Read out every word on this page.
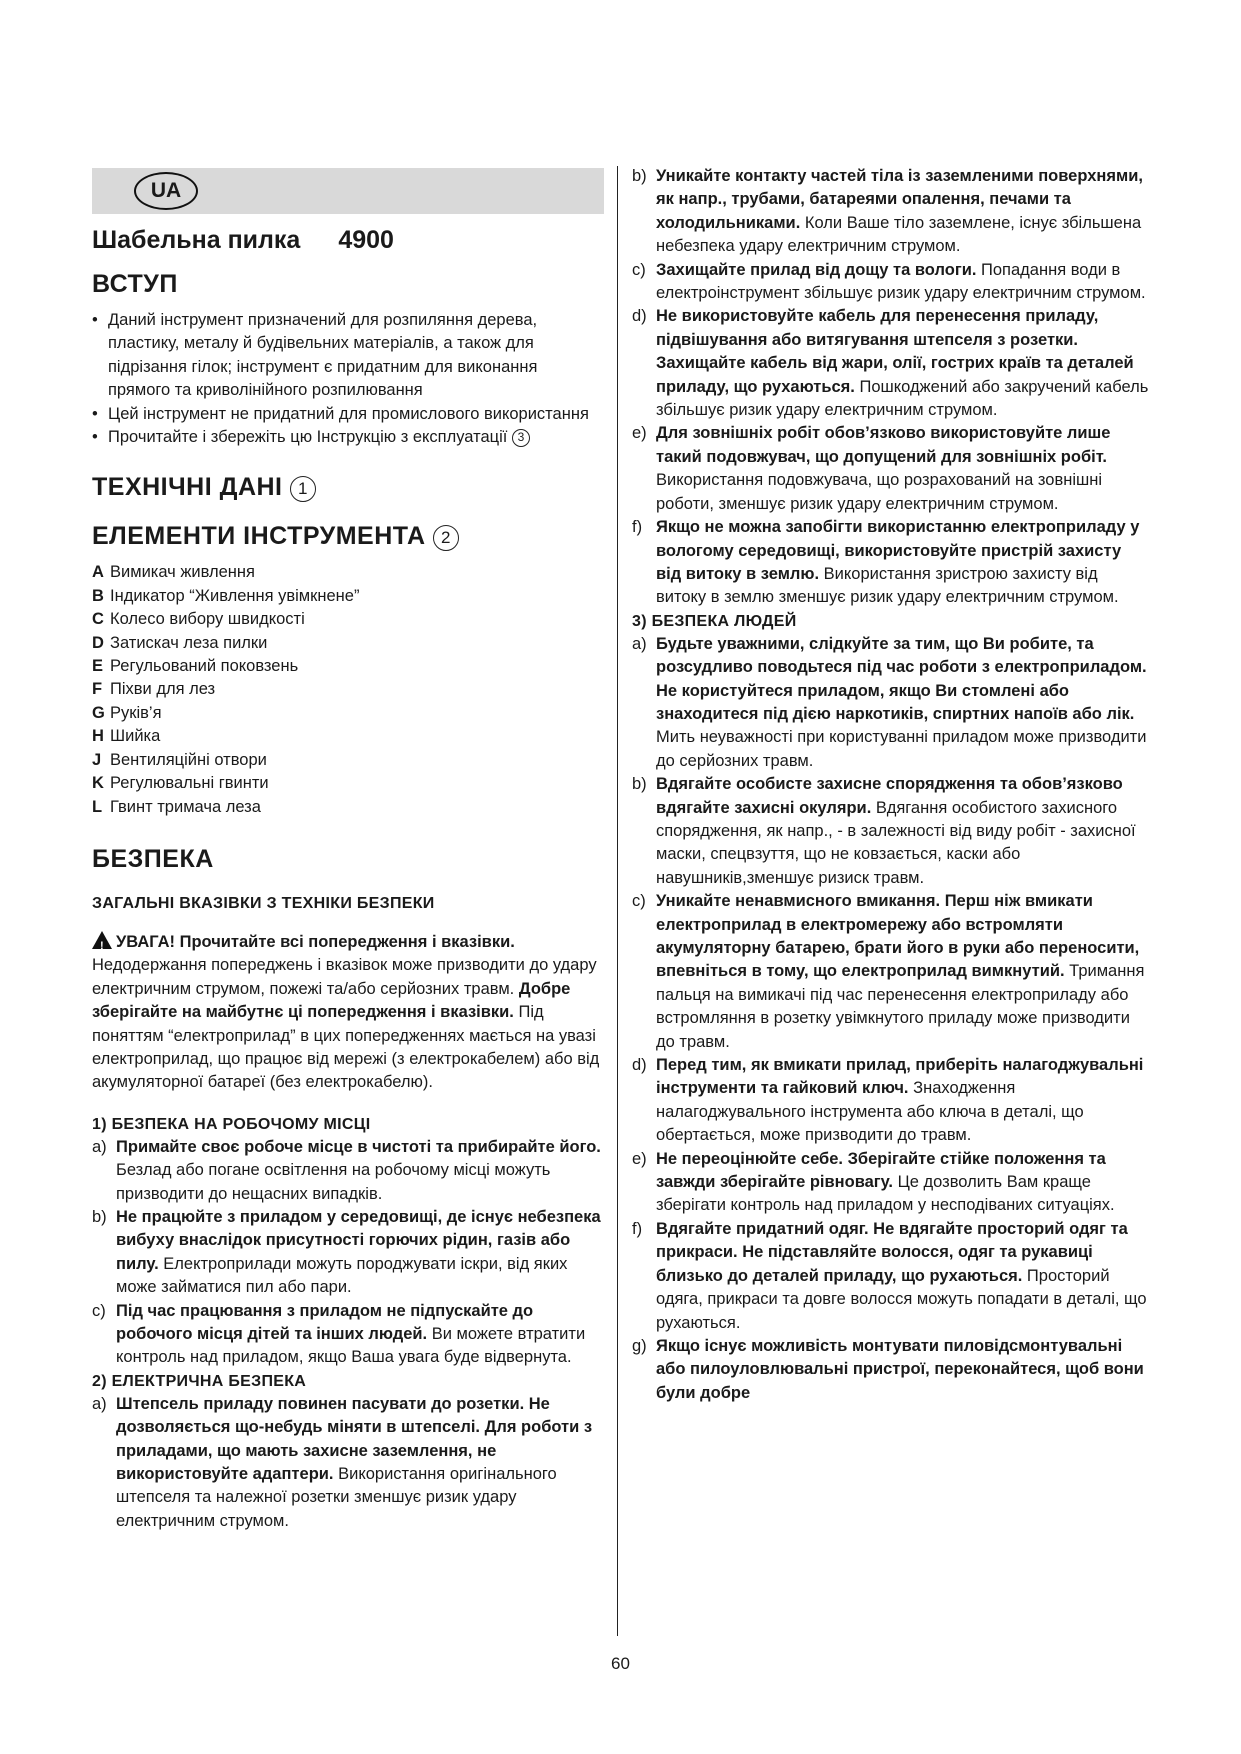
UA
Шабельна пилка 4900
ВСТУП
• Даний інструмент призначений для розпиляння дерева, пластику, металу й будівельних матеріалів, а також для підрізання гілок; інструмент є придатним для виконання прямого та криволінійного розпилювання
• Цей інструмент не придатний для промислового використання
• Прочитайте і збережіть цю Інструкцію з експлуатації 3
ТЕХНІЧНІ ДАНІ 1
ЕЛЕМЕНТИ ІНСТРУМЕНТА 2
A Вимикач живлення
B Індикатор “Живлення увімкнене”
C Колесо вибору швидкості
D Затискач леза пилки
E Регульований поковзень
F Піхви для лез
G Руків’я
H Шийка
J Вентиляційні отвори
K Регулювальні гвинти
L Гвинт тримача леза
БЕЗПЕКА
ЗАГАЛЬНІ ВКАЗІВКИ З ТЕХНІКИ БЕЗПЕКИ
! УВАГА! Прочитайте всі попередження і вказівки. Недодержання попереджень і вказівок може призводити до удару електричним струмом, пожежі та/або серйозних травм. Добре зберігайте на майбутнє ці попередження і вказівки. Під поняттям “електроприлад” в цих попередженнях мається на увазі електроприлад, що працює від мережі (з електрокабелем) або від акумуляторної батареї (без електрокабелю).
1) БЕЗПЕКА НА РОБОЧОМУ МІСЦІ
a) Примайте своє робоче місце в чистоті та прибирайте його. Безлад або погане освітлення на робочому місці можуть призводити до нещасних випадків.
b) Не працюйте з приладом у середовищі, де існує небезпека вибуху внаслідок присутності горючих рідин, газів або пилу. Електроприлади можуть породжувати іскри, від яких може займатися пил або пари.
c) Під час працювання з приладом не підпускайте до робочого місця дітей та інших людей. Ви можете втратити контроль над приладом, якщо Ваша увага буде відвернута.
2) ЕЛЕКТРИЧНА БЕЗПЕКА
a) Штепсель приладу повинен пасувати до розетки. Не дозволяється що-небудь міняти в штепселі. Для роботи з приладами, що мають захисне заземлення, не використовуйте адаптери. Використання оригінального штепселя та належної розетки зменшує ризик удару електричним струмом.
b) Уникайте контакту частей тіла із заземленими поверхнями, як напр., трубами, батареями опалення, печами та холодильниками. Коли Ваше тіло заземлене, існує збільшена небезпека удару електричним струмом.
c) Захищайте прилад від дощу та вологи. Попадання води в електроінструмент збільшує ризик удару електричним струмом.
d) Не використовуйте кабель для перенесення приладу, підвішування або витягування штепселя з розетки. Захищайте кабель від жари, олії, гострих країв та деталей приладу, що рухаються. Пошкоджений або закручений кабель збільшує ризик удару електричним струмом.
e) Для зовнішніх робіт обов’язково використовуйте лише такий подовжувач, що допущений для зовнішніх робіт. Використання подовжувача, що розрахований на зовнішні роботи, зменшує ризик удару електричним струмом.
f) Якщо не можна запобігти використанню електроприладу у вологому середовищі, використовуйте пристрій захисту від витоку в землю. Використання зристрою захисту від витоку в землю зменшує ризик удару електричним струмом.
3) БЕЗПЕКА ЛЮДЕЙ
a) Будьте уважними, слідкуйте за тим, що Ви робите, та розсудливо поводьтеся під час роботи з електроприладом. Не користуйтеся приладом, якщо Ви стомлені або знаходитеся під дією наркотиків, спиртних напоїв або лік. Мить неуважності при користуванні приладом може призводити до серйозних травм.
b) Вдягайте особисте захисне спорядження та обов’язково вдягайте захисні окуляри. Вдягання особистого захисного спорядження, як напр., - в залежності від виду робіт - захисної маски, спецвзуття, що не ковзається, каски або навушників,зменшує ризиск травм.
c) Уникайте ненавмисного вмикання. Перш ніж вмикати електроприлад в електромережу або встромляти акумуляторну батарею, брати його в руки або переносити, впевніться в тому, що електроприлад вимкнутий. Тримання пальця на вимикачі під час перенесення електроприладу або встромляння в розетку увімкнутого приладу може призводити до травм.
d) Перед тим, як вмикати прилад, приберіть налагоджувальні інструменти та гайковий ключ. Знаходження налагоджувального інструмента або ключа в деталі, що обертається, може призводити до травм.
e) Не переоцінюйте себе. Зберігайте стійке положення та завжди зберігайте рівновагу. Це дозволить Вам краще зберігати контроль над приладом у несподіваних ситуаціях.
f) Вдягайте придатний одяг. Не вдягайте просторий одяг та прикраси. Не підставляйте волосся, одяг та рукавиці близько до деталей приладу, що рухаються. Просторий одяга, прикраси та довге волосся можуть попадати в деталі, що рухаються.
g) Якщо існує можливість монтувати пиловідсмонтувальні або пилоуловлювальні пристрої, переконайтеся, щоб вони були добре
60
